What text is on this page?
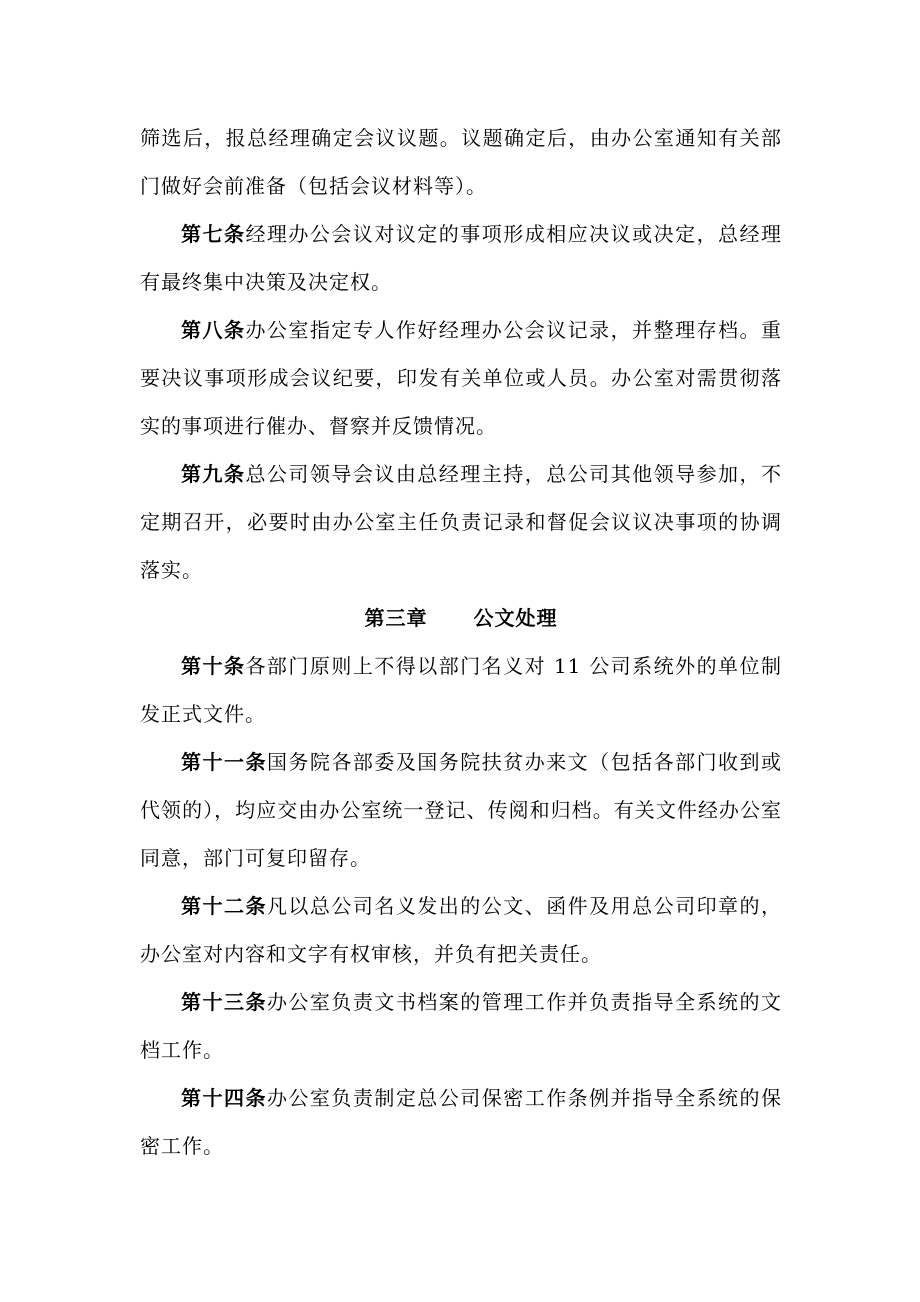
筛选后，报总经理确定会议议题。议题确定后，由办公室通知有关部门做好会前准备（包括会议材料等）。

第七条经理办公会议对议定的事项形成相应决议或决定，总经理有最终集中决策及决定权。

第八条办公室指定专人作好经理办公会议记录，并整理存档。重要决议事项形成会议纪要，印发有关单位或人员。办公室对需贯彻落实的事项进行催办、督察并反馈情况。

第九条总公司领导会议由总经理主持，总公司其他领导参加，不定期召开，必要时由办公室主任负责记录和督促会议议决事项的协调落实。

第三章 公文处理

第十条各部门原则上不得以部门名义对 11 公司系统外的单位制发正式文件。

第十一条国务院各部委及国务院扶贫办来文（包括各部门收到或代领的），均应交由办公室统一登记、传阅和归档。有关文件经办公室同意，部门可复印留存。

第十二条凡以总公司名义发出的公文、函件及用总公司印章的，办公室对内容和文字有权审核，并负有把关责任。

第十三条办公室负责文书档案的管理工作并负责指导全系统的文档工作。

第十四条办公室负责制定总公司保密工作条例并指导全系统的保密工作。
